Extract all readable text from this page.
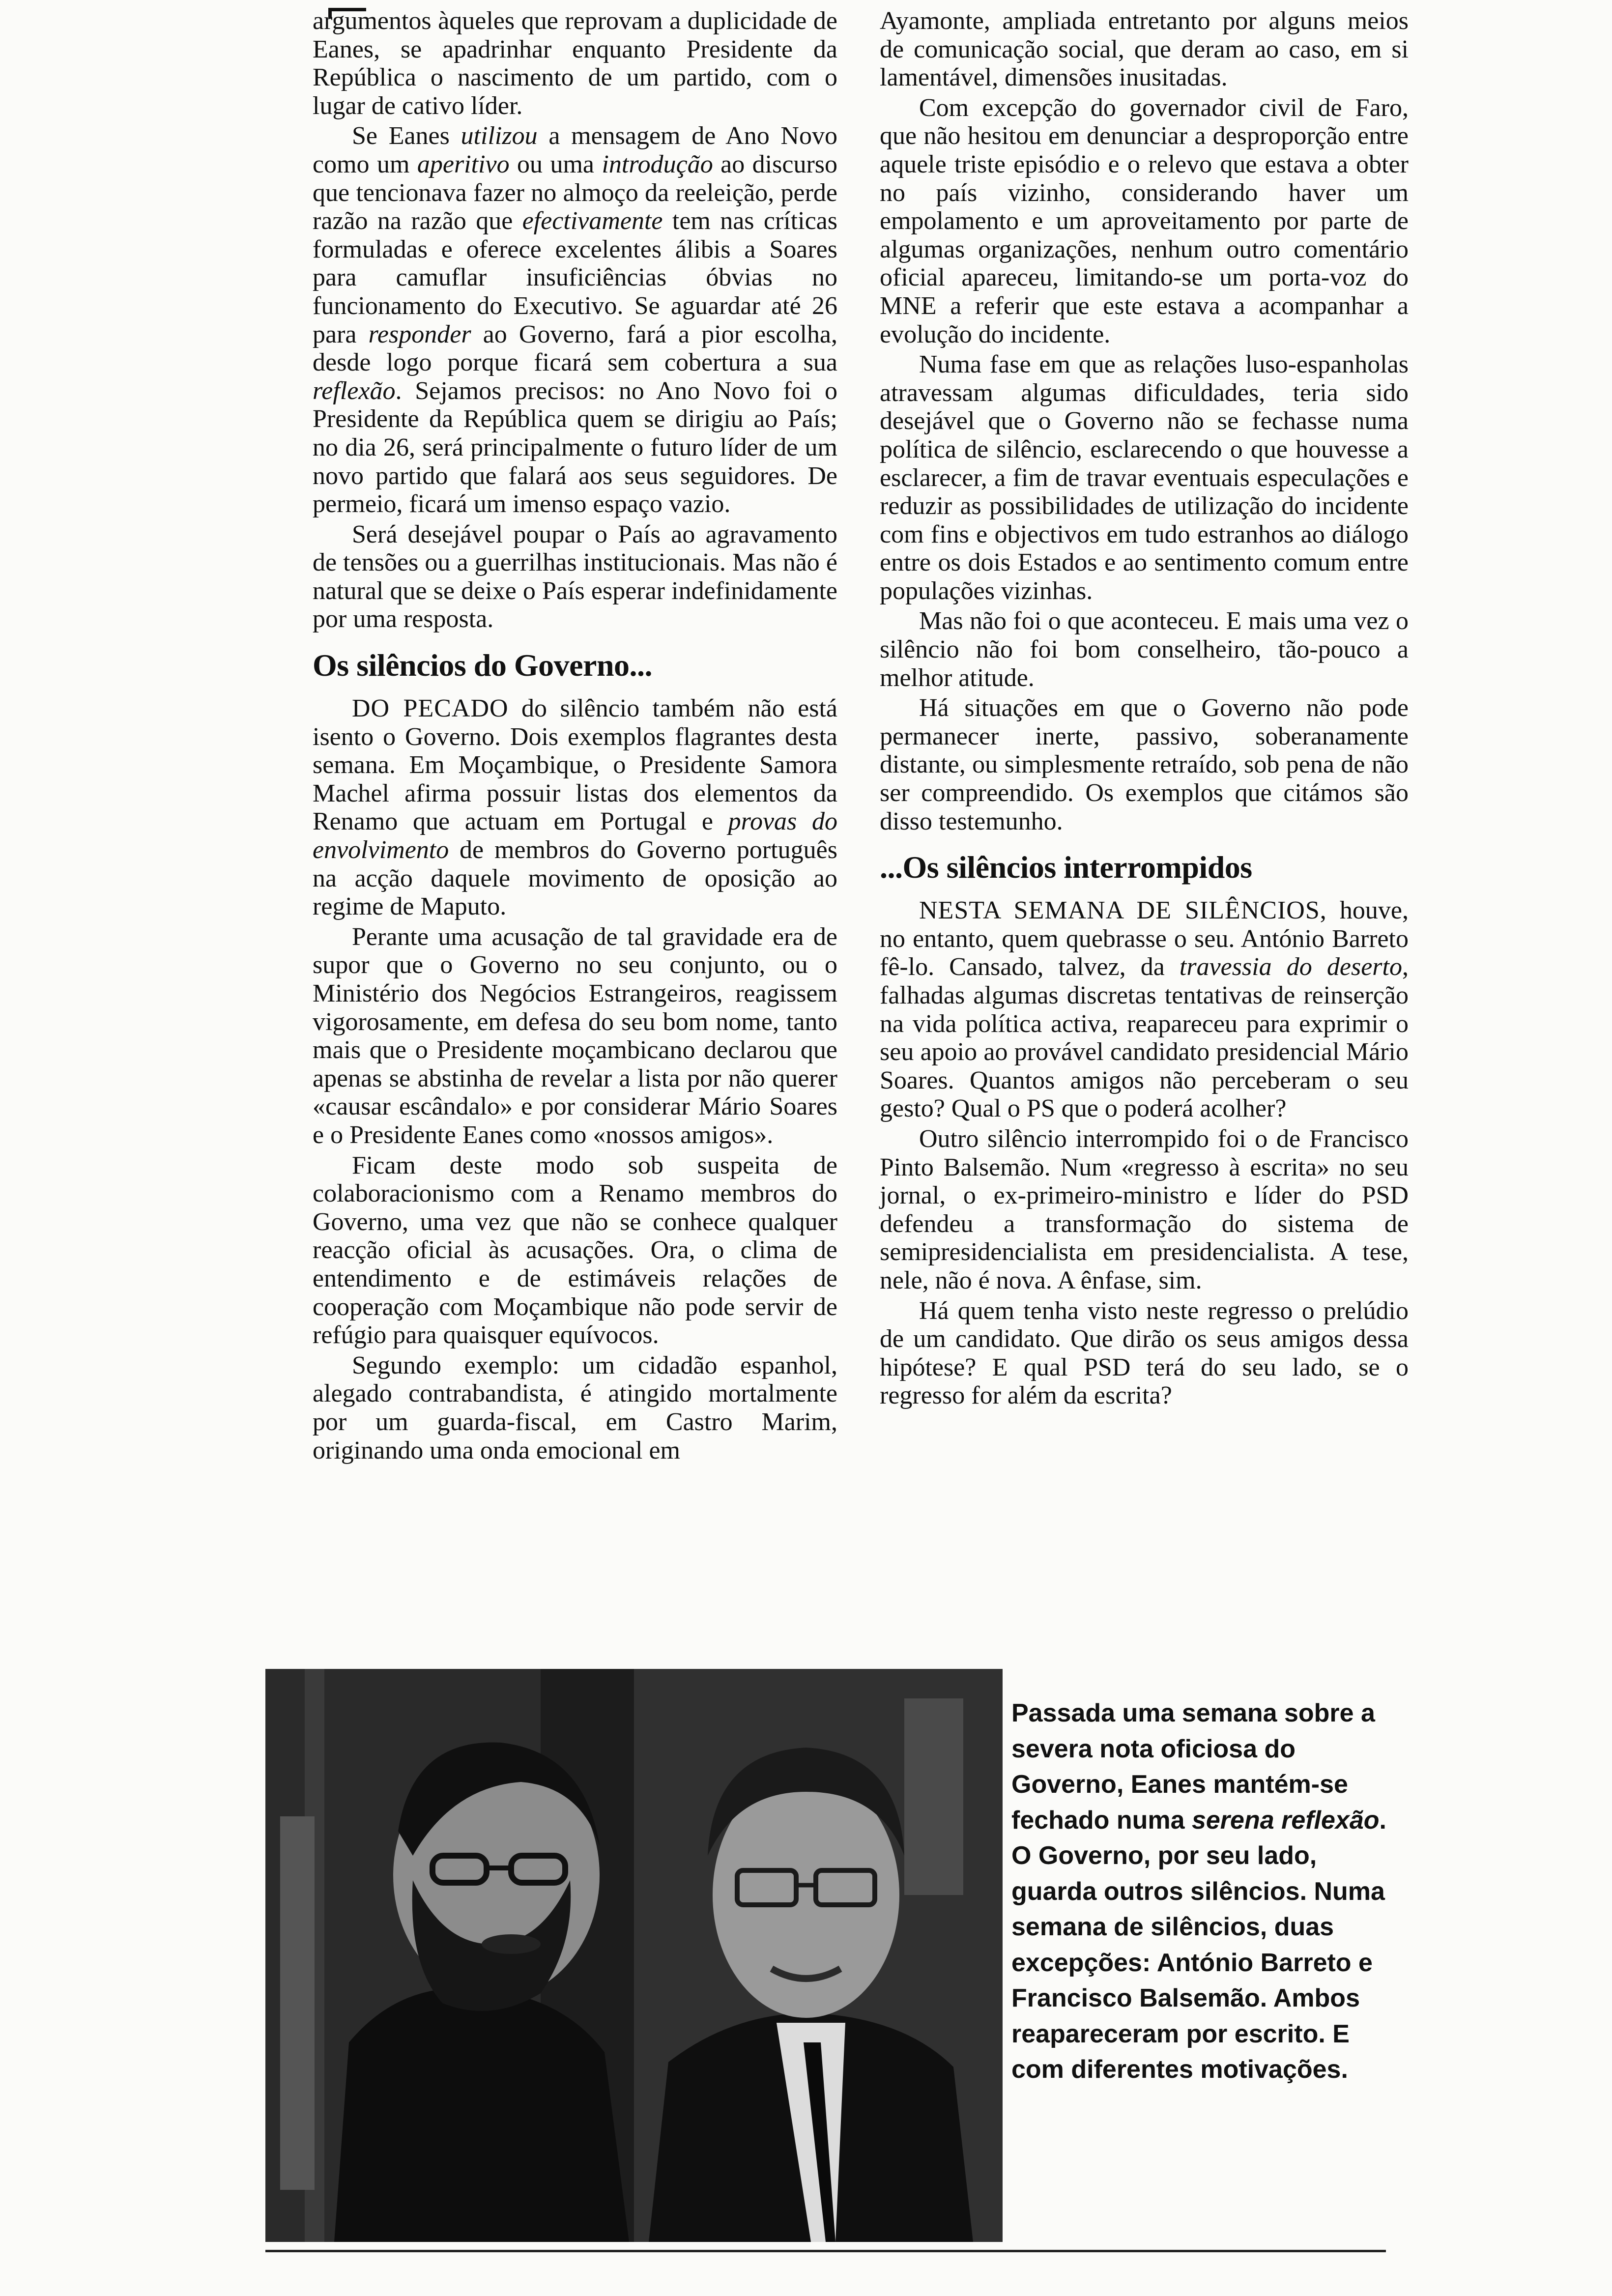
argumentos àqueles que reprovam a duplicidade de Eanes, se apadrinhar enquanto Presidente da República o nascimento de um partido, com o lugar de cativo líder.

Se Eanes utilizou a mensagem de Ano Novo como um aperitivo ou uma introdução ao discurso que tencionava fazer no almoço da reeleição, perde razão na razão que efectivamente tem nas críticas formuladas e oferece excelentes álibis a Soares para camuflar insuficiências óbvias no funcionamento do Executivo. Se aguardar até 26 para responder ao Governo, fará a pior escolha, desde logo porque ficará sem cobertura a sua reflexão. Sejamos precisos: no Ano Novo foi o Presidente da República quem se dirigiu ao País; no dia 26, será principalmente o futuro líder de um novo partido que falará aos seus seguidores. De permeio, ficará um imenso espaço vazio.

Será desejável poupar o País ao agravamento de tensões ou a guerrilhas institucionais. Mas não é natural que se deixe o País esperar indefinidamente por uma resposta.

Os silêncios do Governo...

DO PECADO do silêncio também não está isento o Governo. Dois exemplos flagrantes desta semana. Em Moçambique, o Presidente Samora Machel afirma possuir listas dos elementos da Renamo que actuam em Portugal e provas do envolvimento de membros do Governo português na acção daquele movimento de oposição ao regime de Maputo.

Perante uma acusação de tal gravidade era de supor que o Governo no seu conjunto, ou o Ministério dos Negócios Estrangeiros, reagissem vigorosamente, em defesa do seu bom nome, tanto mais que o Presidente moçambicano declarou que apenas se abstinha de revelar a lista por não querer «causar escândalo» e por considerar Mário Soares e o Presidente Eanes como «nossos amigos».

Ficam deste modo sob suspeita de colaboracionismo com a Renamo membros do Governo, uma vez que não se conhece qualquer reacção oficial às acusações. Ora, o clima de entendimento e de estimáveis relações de cooperação com Moçambique não pode servir de refúgio para quaisquer equívocos.

Segundo exemplo: um cidadão espanhol, alegado contrabandista, é atingido mortalmente por um guarda-fiscal, em Castro Marim, originando uma onda emocional em

Ayamonte, ampliada entretanto por alguns meios de comunicação social, que deram ao caso, em si lamentável, dimensões inusitadas.

Com excepção do governador civil de Faro, que não hesitou em denunciar a desproporção entre aquele triste episódio e o relevo que estava a obter no país vizinho, considerando haver um empolamento e um aproveitamento por parte de algumas organizações, nenhum outro comentário oficial apareceu, limitando-se um porta-voz do MNE a referir que este estava a acompanhar a evolução do incidente.

Numa fase em que as relações luso-espanholas atravessam algumas dificuldades, teria sido desejável que o Governo não se fechasse numa política de silêncio, esclarecendo o que houvesse a esclarecer, a fim de travar eventuais especulações e reduzir as possibilidades de utilização do incidente com fins e objectivos em tudo estranhos ao diálogo entre os dois Estados e ao sentimento comum entre populações vizinhas.

Mas não foi o que aconteceu. E mais uma vez o silêncio não foi bom conselheiro, tão-pouco a melhor atitude.

Há situações em que o Governo não pode permanecer inerte, passivo, soberanamente distante, ou simplesmente retraído, sob pena de não ser compreendido. Os exemplos que citámos são disso testemunho.

...Os silêncios interrompidos

NESTA SEMANA DE SILÊNCIOS, houve, no entanto, quem quebrasse o seu. António Barreto fê-lo. Cansado, talvez, da travessia do deserto, falhadas algumas discretas tentativas de reinserção na vida política activa, reapareceu para exprimir o seu apoio ao provável candidato presidencial Mário Soares. Quantos amigos não perceberam o seu gesto? Qual o PS que o poderá acolher?

Outro silêncio interrompido foi o de Francisco Pinto Balsemão. Num «regresso à escrita» no seu jornal, o ex-primeiro-ministro e líder do PSD defendeu a transformação do sistema de semipresidencialista em presidencialista. A tese, nele, não é nova. A ênfase, sim.

Há quem tenha visto neste regresso o prelúdio de um candidato. Que dirão os seus amigos dessa hipótese? E qual PSD terá do seu lado, se o regresso for além da escrita?

Passada uma semana sobre a severa nota oficiosa do Governo, Eanes mantém-se fechado numa serena reflexão. O Governo, por seu lado, guarda outros silêncios. Numa semana de silêncios, duas excepções: António Barreto e Francisco Balsemão. Ambos reapareceram por escrito. E com diferentes motivações.
